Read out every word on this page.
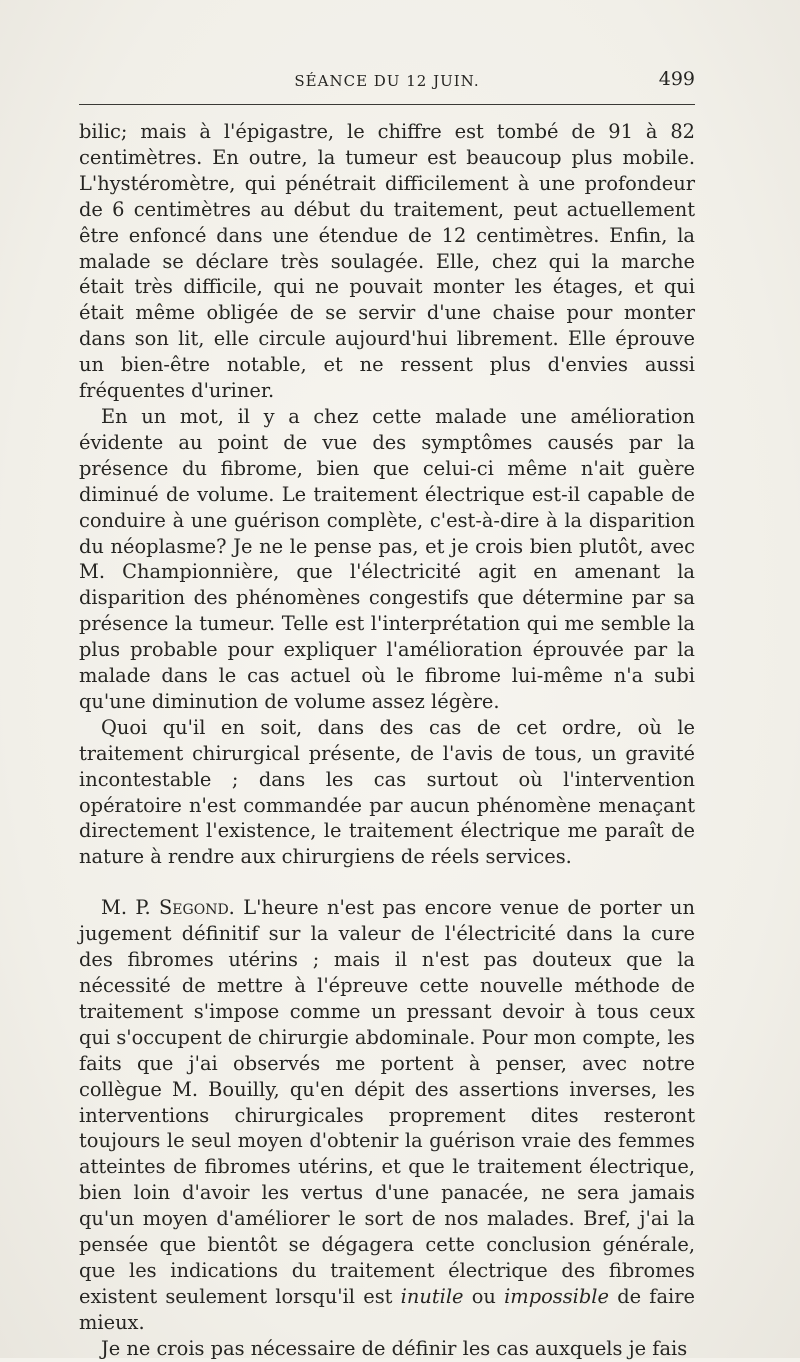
SÉANCE DU 12 JUIN.	499

bilic; mais à l'épigastre, le chiffre est tombé de 91 à 82 centimètres. En outre, la tumeur est beaucoup plus mobile. L'hystéromètre, qui pénétrait difficilement à une profondeur de 6 centimètres au début du traitement, peut actuellement être enfoncé dans une étendue de 12 centimètres. Enfin, la malade se déclare très soulagée. Elle, chez qui la marche était très difficile, qui ne pouvait monter les étages, et qui était même obligée de se servir d'une chaise pour monter dans son lit, elle circule aujourd'hui librement. Elle éprouve un bien-être notable, et ne ressent plus d'envies aussi fréquentes d'uriner.

En un mot, il y a chez cette malade une amélioration évidente au point de vue des symptômes causés par la présence du fibrome, bien que celui-ci même n'ait guère diminué de volume. Le traitement électrique est-il capable de conduire à une guérison complète, c'est-à-dire à la disparition du néoplasme? Je ne le pense pas, et je crois bien plutôt, avec M. Championnière, que l'électricité agit en amenant la disparition des phénomènes congestifs que détermine par sa présence la tumeur. Telle est l'interprétation qui me semble la plus probable pour expliquer l'amélioration éprouvée par la malade dans le cas actuel où le fibrome lui-même n'a subi qu'une diminution de volume assez légère.

Quoi qu'il en soit, dans des cas de cet ordre, où le traitement chirurgical présente, de l'avis de tous, un gravité incontestable ; dans les cas surtout où l'intervention opératoire n'est commandée par aucun phénomène menaçant directement l'existence, le traitement électrique me paraît de nature à rendre aux chirurgiens de réels services.

M. P. Segond. L'heure n'est pas encore venue de porter un jugement définitif sur la valeur de l'électricité dans la cure des fibromes utérins ; mais il n'est pas douteux que la nécessité de mettre à l'épreuve cette nouvelle méthode de traitement s'impose comme un pressant devoir à tous ceux qui s'occupent de chirurgie abdominale. Pour mon compte, les faits que j'ai observés me portent à penser, avec notre collègue M. Bouilly, qu'en dépit des assertions inverses, les interventions chirurgicales proprement dites resteront toujours le seul moyen d'obtenir la guérison vraie des femmes atteintes de fibromes utérins, et que le traitement électrique, bien loin d'avoir les vertus d'une panacée, ne sera jamais qu'un moyen d'améliorer le sort de nos malades. Bref, j'ai la pensée que bientôt se dégagera cette conclusion générale, que les indications du traitement électrique des fibromes existent seulement lorsqu'il est inutile ou impossible de faire mieux.

Je ne crois pas nécessaire de définir les cas auxquels je fais
